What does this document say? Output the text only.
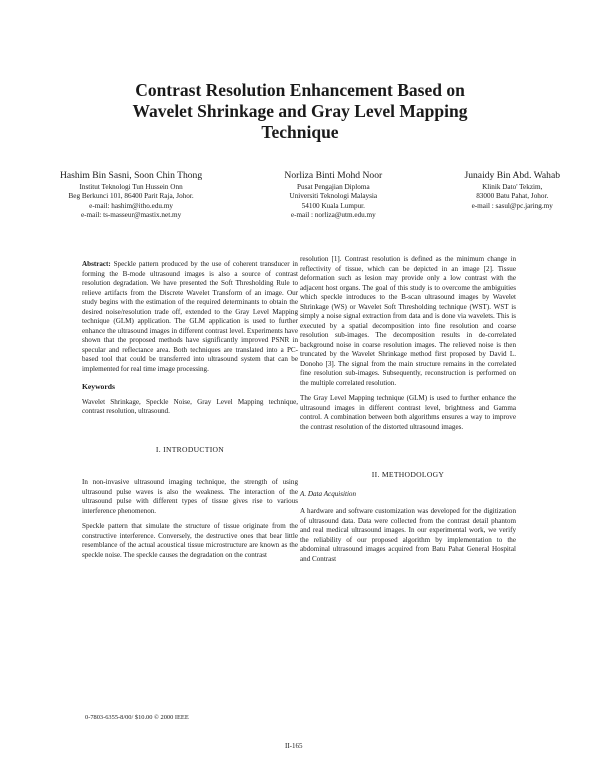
Contrast Resolution Enhancement Based on
Wavelet Shrinkage and Gray Level Mapping
Technique
Hashim Bin Sasni, Soon Chin Thong
Institut Teknologi Tun Hussein Onn
Beg Berkunci 101, 86400 Parit Raja, Johor.
e-mail: hashim@itho.edu.my
e-mail: ts-masseur@mastix.net.my
Norliza Binti Mohd Noor
Pusat Pengajian Diploma
Universiti Teknologi Malaysia
54100 Kuala Lumpur.
e-mail : norliza@utm.edu.my
Junaidy Bin Abd. Wahab
Klinik Dato' Tekzim,
83000 Batu Pahat, Johor.
e-mail : sasul@pc.jaring.my

Abstract: Speckle pattern produced by the use of coherent transducer in forming the B-mode ultrasound images is also a source of contrast resolution degradation. We have presented the Soft Thresholding Rule to relieve artifacts from the Discrete Wavelet Transform of an image. Our study begins with the estimation of the required determinants to obtain the desired noise/resolution trade off, extended to the Gray Level Mapping technique (GLM) application. The GLM application is used to further enhance the ultrasound images in different contrast level. Experiments have shown that the proposed methods have significantly improved PSNR in specular and reflectance area. Both techniques are translated into a PC-based tool that could be transferred into ultrasound system that can be implemented for real time image processing.

Keywords

Wavelet Shrinkage, Speckle Noise, Gray Level Mapping technique, contrast resolution, ultrasound.

I. INTRODUCTION

In non-invasive ultrasound imaging technique, the strength of using ultrasound pulse waves is also the weakness. The interaction of the ultrasound pulse with different types of tissue gives rise to various interference phenomenon.

Speckle pattern that simulate the structure of tissue originate from the constructive interference. Conversely, the destructive ones that bear little resemblance of the actual acoustical tissue microstructure are known as the speckle noise. The speckle causes the degradation on the contrast

resolution [1]. Contrast resolution is defined as the minimum change in reflectivity of tissue, which can be depicted in an image [2]. Tissue deformation such as lesion may provide only a low contrast with the adjacent host organs. The goal of this study is to overcome the ambiguities which speckle introduces to the B-scan ultrasound images by Wavelet Shrinkage (WS) or Wavelet Soft Thresholding technique (WST). WST is simply a noise signal extraction from data and is done via wavelets. This is executed by a spatial decomposition into fine resolution and coarse resolution sub-images. The decomposition results in de-correlated background noise in coarse resolution images. The relieved noise is then truncated by the Wavelet Shrinkage method first proposed by David L. Donoho [3]. The signal from the main structure remains in the correlated fine resolution sub-images. Subsequently, reconstruction is performed on the multiple correlated resolution.

The Gray Level Mapping technique (GLM) is used to further enhance the ultrasound images in different contrast level, brightness and Gamma control. A combination between both algorithms ensures a way to improve the contrast resolution of the distorted ultrasound images.

II. METHODOLOGY
A. Data Acquisition

A hardware and software customization was developed for the digitization of ultrasound data. Data were collected from the contrast detail phantom and real medical ultrasound images. In our experimental work, we verify the reliability of our proposed algorithm by implementation to the abdominal ultrasound images acquired from Batu Pahat General Hospital and Contrast

0-7803-6355-8/00/ $10.00 © 2000 IEEE
II-165
